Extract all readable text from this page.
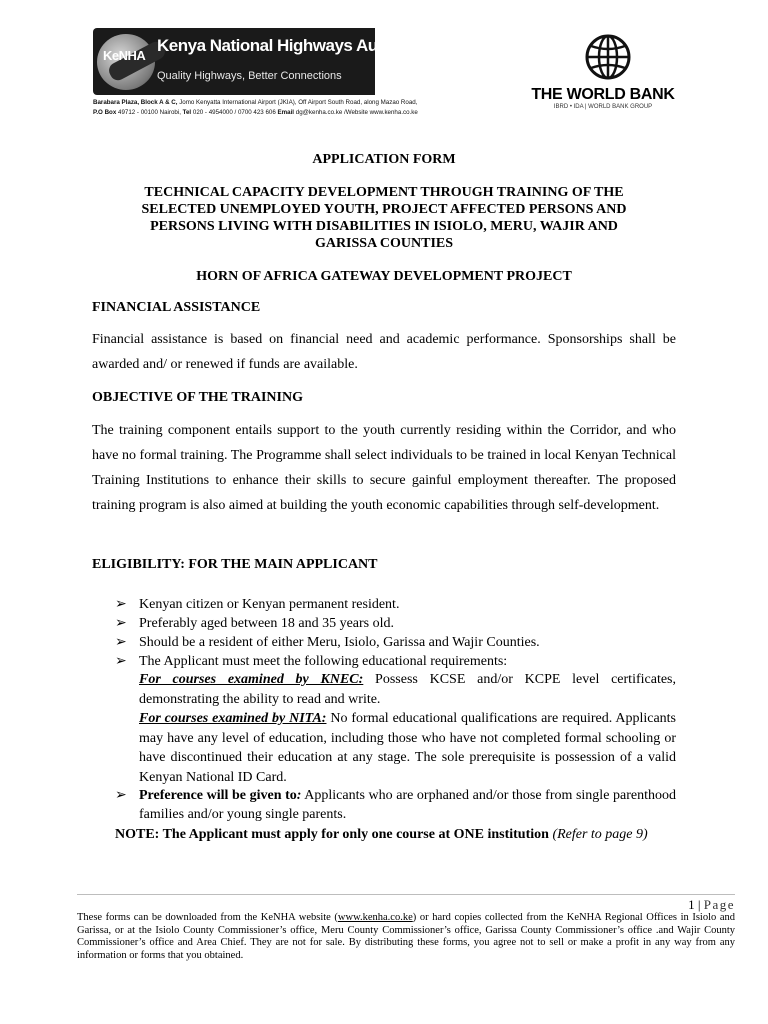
KeNHA
Kenya National Highways Authority
Quality Highways, Better Connections
Barabara Plaza, Block A & C, Jomo Kenyatta International Airport (JKIA), Off Airport South Road, along Mazao Road,
P.O Box 49712 - 00100 Nairobi, Tel 020 - 4954000 / 0700 423 606 Email dg@kenha.co.ke /Website www.kenha.co.ke
THE WORLD BANK
IBRD • IDA | WORLD BANK GROUP
APPLICATION FORM
TECHNICAL CAPACITY DEVELOPMENT THROUGH TRAINING OF THE
SELECTED UNEMPLOYED YOUTH, PROJECT AFFECTED PERSONS AND
PERSONS LIVING WITH DISABILITIES IN ISIOLO, MERU, WAJIR AND
GARISSA COUNTIES
HORN OF AFRICA GATEWAY DEVELOPMENT PROJECT
FINANCIAL ASSISTANCE
Financial assistance is based on financial need and academic performance. Sponsorships shall be awarded and/ or renewed if funds are available.
OBJECTIVE OF THE TRAINING
The training component entails support to the youth currently residing within the Corridor, and who have no formal training. The Programme shall select individuals to be trained in local Kenyan Technical Training Institutions to enhance their skills to secure gainful employment thereafter. The proposed training program is also aimed at building the youth economic capabilities through self-development.
ELIGIBILITY: FOR THE MAIN APPLICANT
➢ Kenyan citizen or Kenyan permanent resident.
➢ Preferably aged between 18 and 35 years old.
➢ Should be a resident of either Meru, Isiolo, Garissa and Wajir Counties.
➢ The Applicant must meet the following educational requirements:
For courses examined by KNEC: Possess KCSE and/or KCPE level certificates, demonstrating the ability to read and write.
For courses examined by NITA: No formal educational qualifications are required. Applicants may have any level of education, including those who have not completed formal schooling or have discontinued their education at any stage. The sole prerequisite is possession of a valid Kenyan National ID Card.
➢ Preference will be given to: Applicants who are orphaned and/or those from single parenthood families and/or young single parents.
NOTE: The Applicant must apply for only one course at ONE institution (Refer to page 9)
1 | Page
These forms can be downloaded from the KeNHA website (www.kenha.co.ke) or hard copies collected from the KeNHA Regional Offices in Isiolo and Garissa, or at the Isiolo County Commissioner’s office, Meru County Commissioner’s office, Garissa County Commissioner’s office .and Wajir County Commissioner’s office and Area Chief. They are not for sale. By distributing these forms, you agree not to sell or make a profit in any way from any information or forms that you obtained.
